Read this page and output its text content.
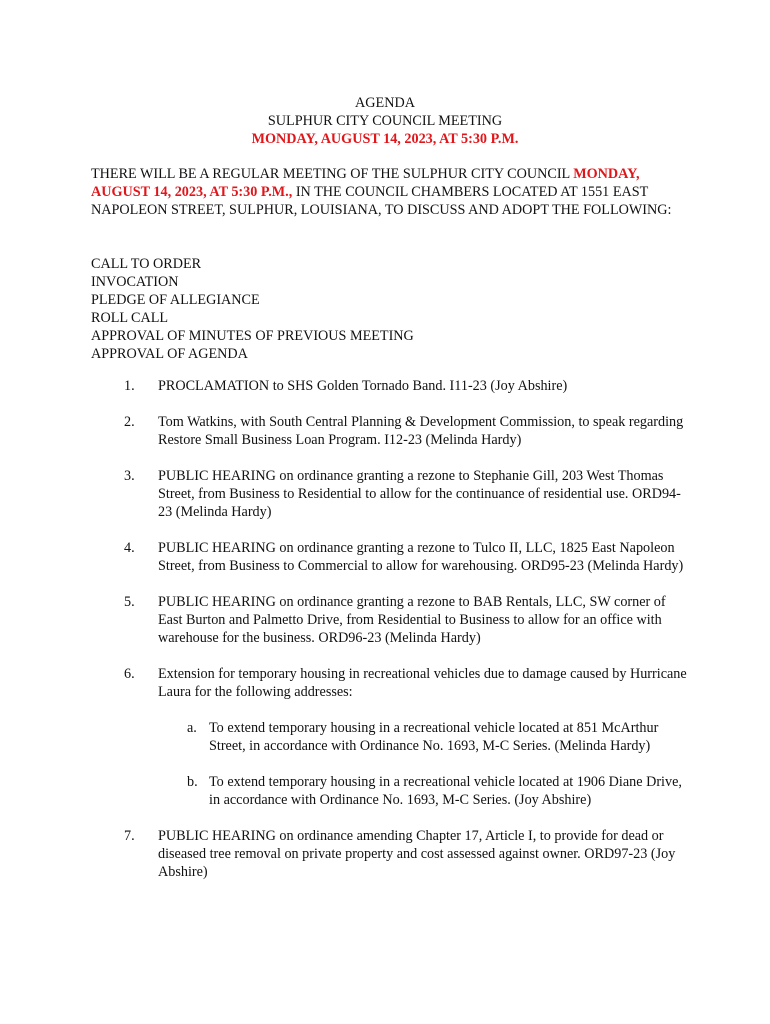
AGENDA
SULPHUR CITY COUNCIL MEETING
MONDAY, AUGUST 14, 2023, AT 5:30 P.M.
THERE WILL BE A REGULAR MEETING OF THE SULPHUR CITY COUNCIL MONDAY, AUGUST 14, 2023, AT 5:30 P.M., IN THE COUNCIL CHAMBERS LOCATED AT 1551 EAST NAPOLEON STREET, SULPHUR, LOUISIANA, TO DISCUSS AND ADOPT THE FOLLOWING:
CALL TO ORDER
INVOCATION
PLEDGE OF ALLEGIANCE
ROLL CALL
APPROVAL OF MINUTES OF PREVIOUS MEETING
APPROVAL OF AGENDA
1. PROCLAMATION to SHS Golden Tornado Band. I11-23 (Joy Abshire)
2. Tom Watkins, with South Central Planning & Development Commission, to speak regarding Restore Small Business Loan Program. I12-23 (Melinda Hardy)
3. PUBLIC HEARING on ordinance granting a rezone to Stephanie Gill, 203 West Thomas Street, from Business to Residential to allow for the continuance of residential use. ORD94-23 (Melinda Hardy)
4. PUBLIC HEARING on ordinance granting a rezone to Tulco II, LLC, 1825 East Napoleon Street, from Business to Commercial to allow for warehousing. ORD95-23 (Melinda Hardy)
5. PUBLIC HEARING on ordinance granting a rezone to BAB Rentals, LLC, SW corner of East Burton and Palmetto Drive, from Residential to Business to allow for an office with warehouse for the business. ORD96-23 (Melinda Hardy)
6. Extension for temporary housing in recreational vehicles due to damage caused by Hurricane Laura for the following addresses:
a. To extend temporary housing in a recreational vehicle located at 851 McArthur Street, in accordance with Ordinance No. 1693, M-C Series. (Melinda Hardy)
b. To extend temporary housing in a recreational vehicle located at 1906 Diane Drive, in accordance with Ordinance No. 1693, M-C Series. (Joy Abshire)
7. PUBLIC HEARING on ordinance amending Chapter 17, Article I, to provide for dead or diseased tree removal on private property and cost assessed against owner. ORD97-23 (Joy Abshire)
